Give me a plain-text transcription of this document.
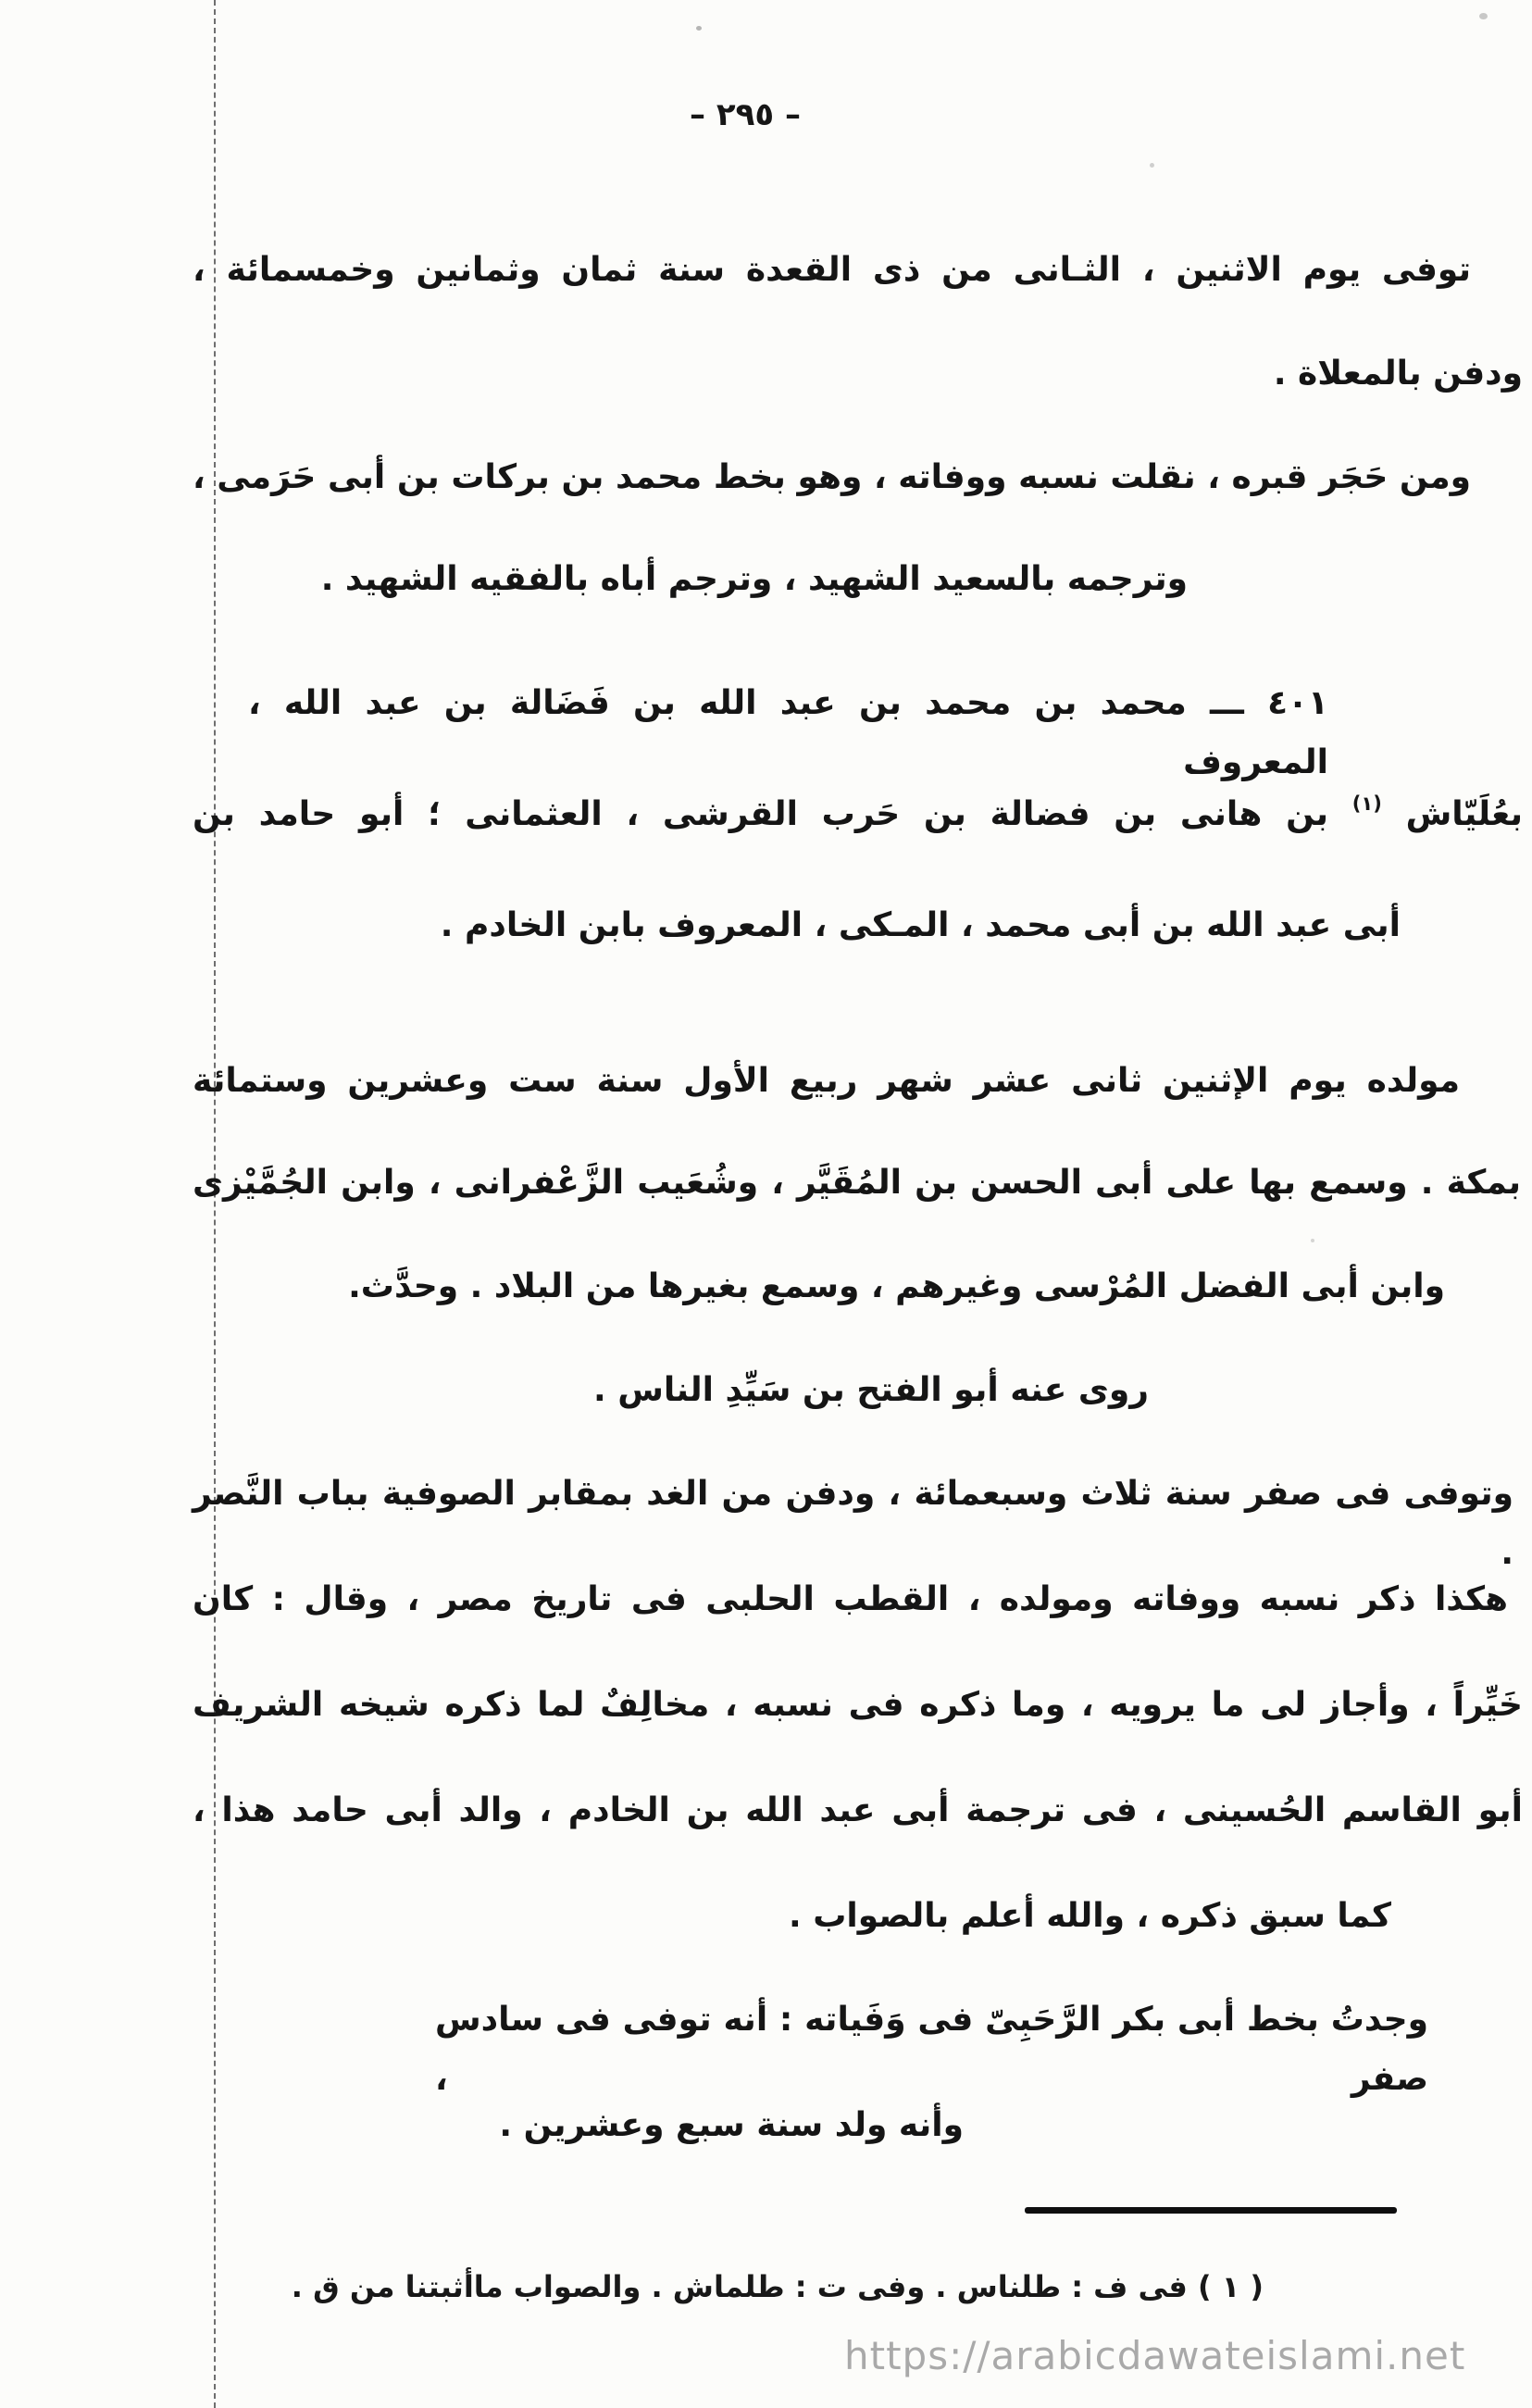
– ٢٩٥ –
توفى يوم الاثنين ، الثـانى من ذى القعدة سنة ثمان وثمانين وخمسمائة ،
ودفن بالمعلاة .
ومن حَجَر قبره ، نقلت نسبه ووفاته ، وهو بخط محمد بن بركات بن أبى حَرَمى ،
وترجمه بالسعيد الشهيد ، وترجم أباه بالفقيه الشهيد .
٤٠١ ـــ محمد بن محمد بن عبد الله بن فَضَالة بن عبد الله ، المعروف
بعُلَيّاش $^{(١)}$ بن هانى بن فضالة بن حَرب القرشى ، العثمانى ؛ أبو حامد بن
أبى عبد الله بن أبى محمد ، المـكى ، المعروف بابن الخادم .
مولده يوم الإثنين ثانى عشر شهر ربيع الأول سنة ست وعشرين وستمائة
بمكة . وسمع بها على أبى الحسن بن المُقَيَّر ، وشُعَيب الزَّعْفرانى ، وابن الجُمَّيْزى
وابن أبى الفضل المُرْسى وغيرهم ، وسمع بغيرها من البلاد . وحدَّث.
روى عنه أبو الفتح بن سَيِّدِ الناس .
وتوفى فى صفر سنة ثلاث وسبعمائة ، ودفن من الغد بمقابر الصوفية بباب النَّصر .
هكذا ذكر نسبه ووفاته ومولده ، القطب الحلبى فى تاريخ مصر ، وقال : كان
خَيِّراً ، وأجاز لى ما يرويه ، وما ذكره فى نسبه ، مخالِفٌ لما ذكره شيخه الشريف
أبو القاسم الحُسينى ، فى ترجمة أبى عبد الله بن الخادم ، والد أبى حامد هذا ،
كما سبق ذكره ، والله أعلم بالصواب .
وجدتُ بخط أبى بكر الرَّحَبِىّ فى وَفَياته : أنه توفى فى سادس صفر ،
وأنه ولد سنة سبع وعشرين .
( ١ ) فى ف : طلناس . وفى ت : طلماش . والصواب ماأثبتنا من ق .
https://arabicdawateislami.net
